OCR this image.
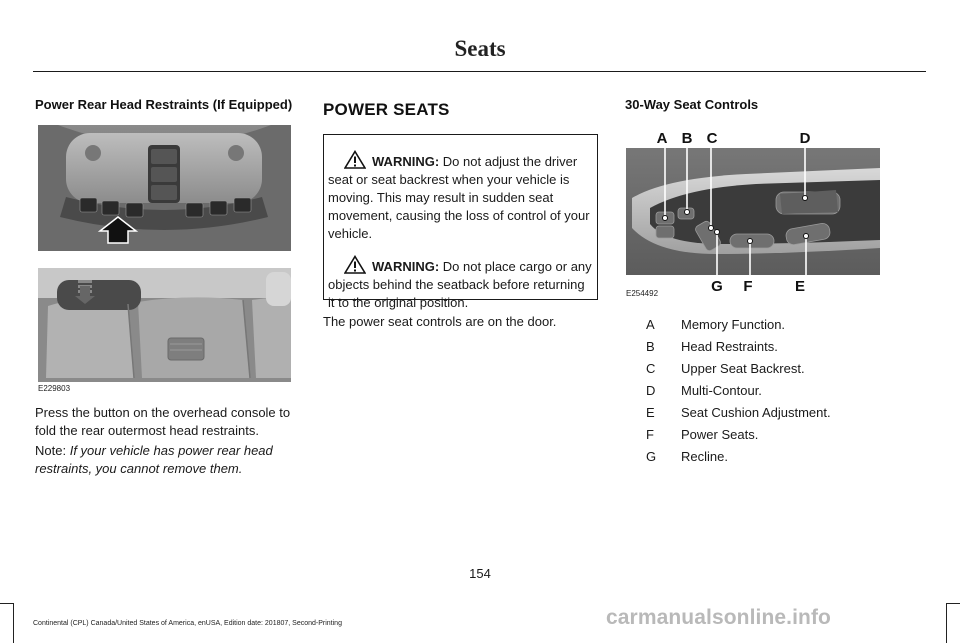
Seats
Power Rear Head Restraints (If Equipped)
E229803
Press the button on the overhead console to fold the rear outermost head restraints.
Note: If your vehicle has power rear head restraints, you cannot remove them.
POWER SEATS

WARNING: Do not adjust the driver seat or seat backrest when your vehicle is moving. This may result in sudden seat movement, causing the loss of control of your vehicle.

WARNING: Do not place cargo or any objects behind the seatback before returning it to the original position.

The power seat controls are on the door.
30-Way Seat Controls
A B C	D
G F	E
E254492
A Memory Function.
B Head Restraints.
C Upper Seat Backrest.
D Multi-Contour.
E Seat Cushion Adjustment.
F Power Seats.
G Recline.
154
Continental (CPL) Canada/United States of America, enUSA, Edition date: 201807, Second-Printing	carmanualsonline.info
